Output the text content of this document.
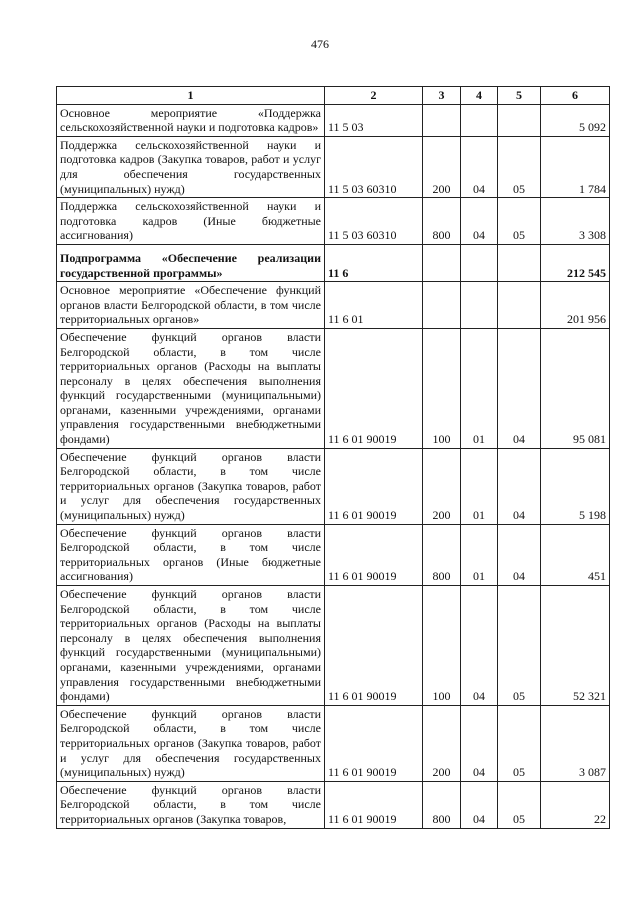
476
1	2	3	4	5	6
Основное мероприятие «Поддержка сельскохозяйственной науки и подготовка кадров»	11 5 03				5 092
Поддержка сельскохозяйственной науки и подготовка кадров (Закупка товаров, работ и услуг для обеспечения государственных (муниципальных) нужд)	11 5 03 60310	200	04	05	1 784
Поддержка сельскохозяйственной науки и подготовка кадров (Иные бюджетные ассигнования)	11 5 03 60310	800	04	05	3 308
Подпрограмма «Обеспечение реализации государственной программы»	11 6				212 545
Основное мероприятие «Обеспечение функций органов власти Белгородской области, в том числе территориальных органов»	11 6 01				201 956
Обеспечение функций органов власти Белгородской области, в том числе территориальных органов (Расходы на выплаты персоналу в целях обеспечения выполнения функций государственными (муниципальными) органами, казенными учреждениями, органами управления государственными внебюджетными фондами)	11 6 01 90019	100	01	04	95 081
Обеспечение функций органов власти Белгородской области, в том числе территориальных органов (Закупка товаров, работ и услуг для обеспечения государственных (муниципальных) нужд)	11 6 01 90019	200	01	04	5 198
Обеспечение функций органов власти Белгородской области, в том числе территориальных органов (Иные бюджетные ассигнования)	11 6 01 90019	800	01	04	451
Обеспечение функций органов власти Белгородской области, в том числе территориальных органов (Расходы на выплаты персоналу в целях обеспечения выполнения функций государственными (муниципальными) органами, казенными учреждениями, органами управления государственными внебюджетными фондами)	11 6 01 90019	100	04	05	52 321
Обеспечение функций органов власти Белгородской области, в том числе территориальных органов (Закупка товаров, работ и услуг для обеспечения государственных (муниципальных) нужд)	11 6 01 90019	200	04	05	3 087
Обеспечение функций органов власти Белгородской области, в том числе территориальных органов (Закупка товаров,	11 6 01 90019	800	04	05	22
